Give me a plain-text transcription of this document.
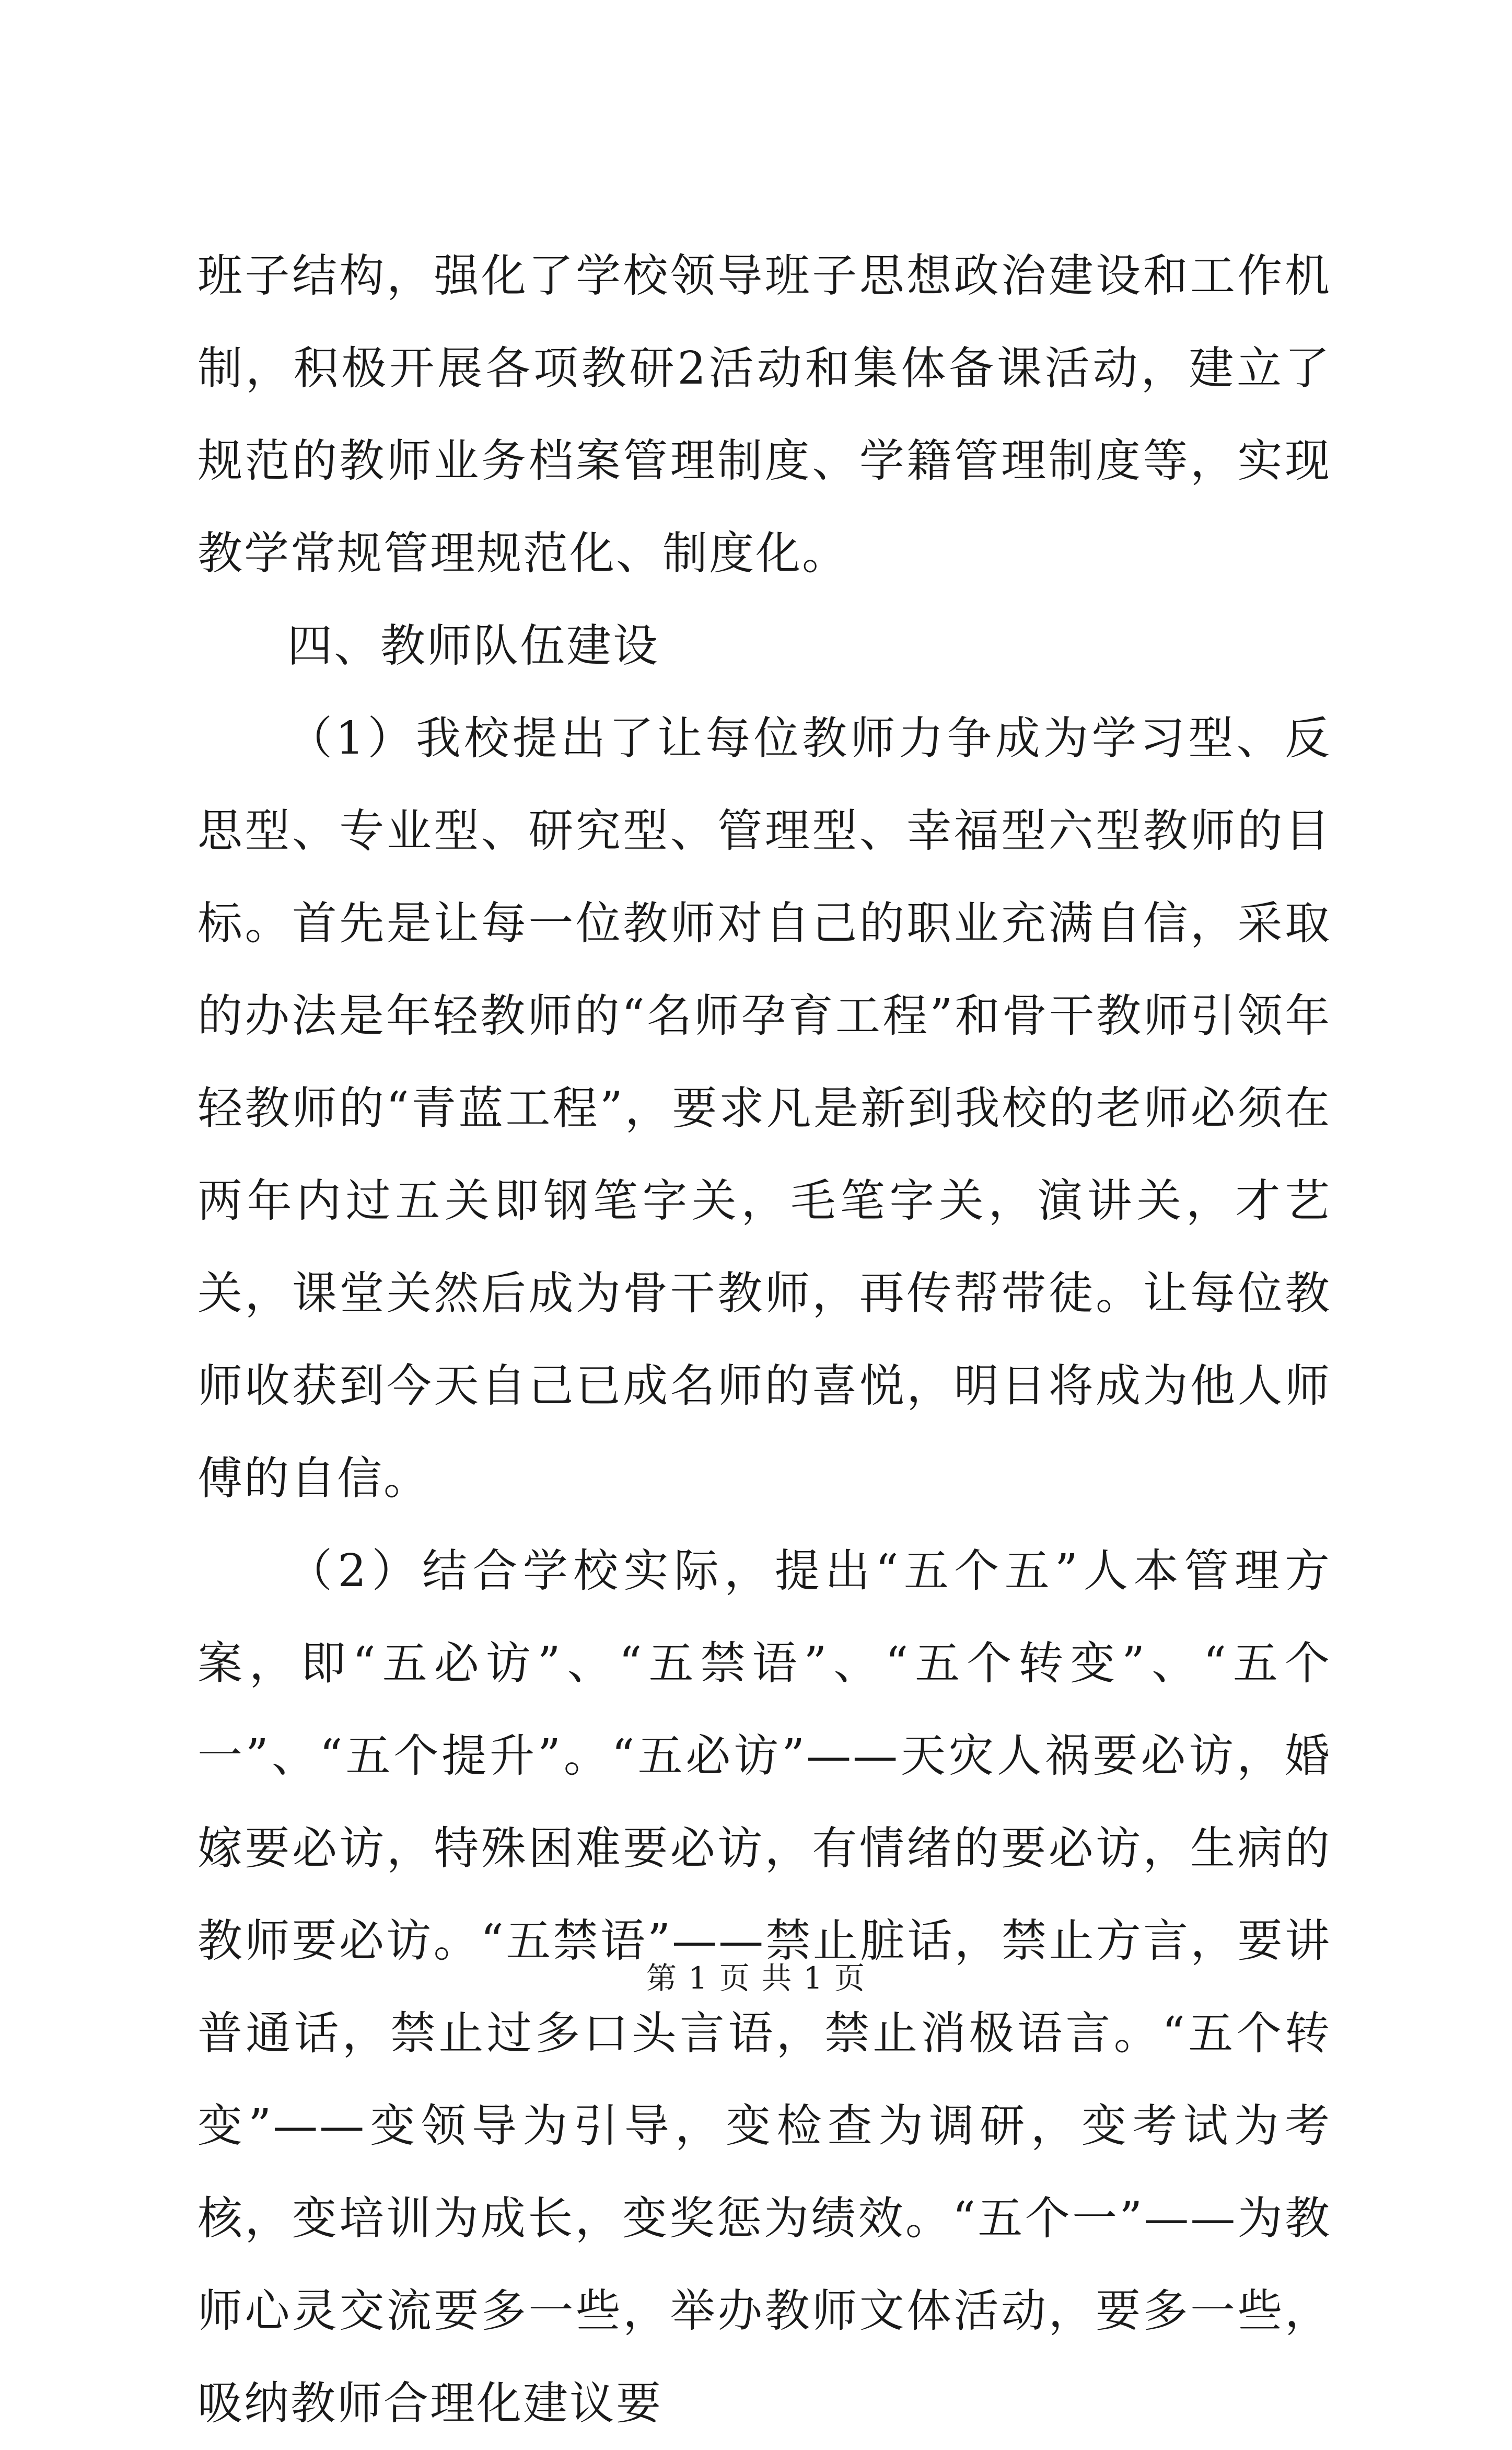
班子结构，强化了学校领导班子思想政治建设和工作机制，积极开展各项教研2活动和集体备课活动，建立了规范的教师业务档案管理制度、学籍管理制度等，实现教学常规管理规范化、制度化。

四、教师队伍建设

（1）我校提出了让每位教师力争成为学习型、反思型、专业型、研究型、管理型、幸福型六型教师的目标。首先是让每一位教师对自己的职业充满自信，采取的办法是年轻教师的“名师孕育工程”和骨干教师引领年轻教师的“青蓝工程”，要求凡是新到我校的老师必须在两年内过五关即钢笔字关，毛笔字关，演讲关，才艺关，课堂关然后成为骨干教师，再传帮带徒。让每位教师收获到今天自己已成名师的喜悦，明日将成为他人师傅的自信。

（2）结合学校实际，提出“五个五”人本管理方案，即“五必访”、“五禁语”、“五个转变”、“五个一”、“五个提升”。“五必访”——天灾人祸要必访，婚嫁要必访，特殊困难要必访，有情绪的要必访，生病的教师要必访。“五禁语”——禁止脏话，禁止方言，要讲普通话，禁止过多口头言语，禁止消极语言。“五个转变”——变领导为引导，变检查为调研，变考试为考核，变培训为成长，变奖惩为绩效。“五个一”——为教师心灵交流要多一些，举办教师文体活动，要多一些，吸纳教师合理化建议要

第 1 页 共 1 页
